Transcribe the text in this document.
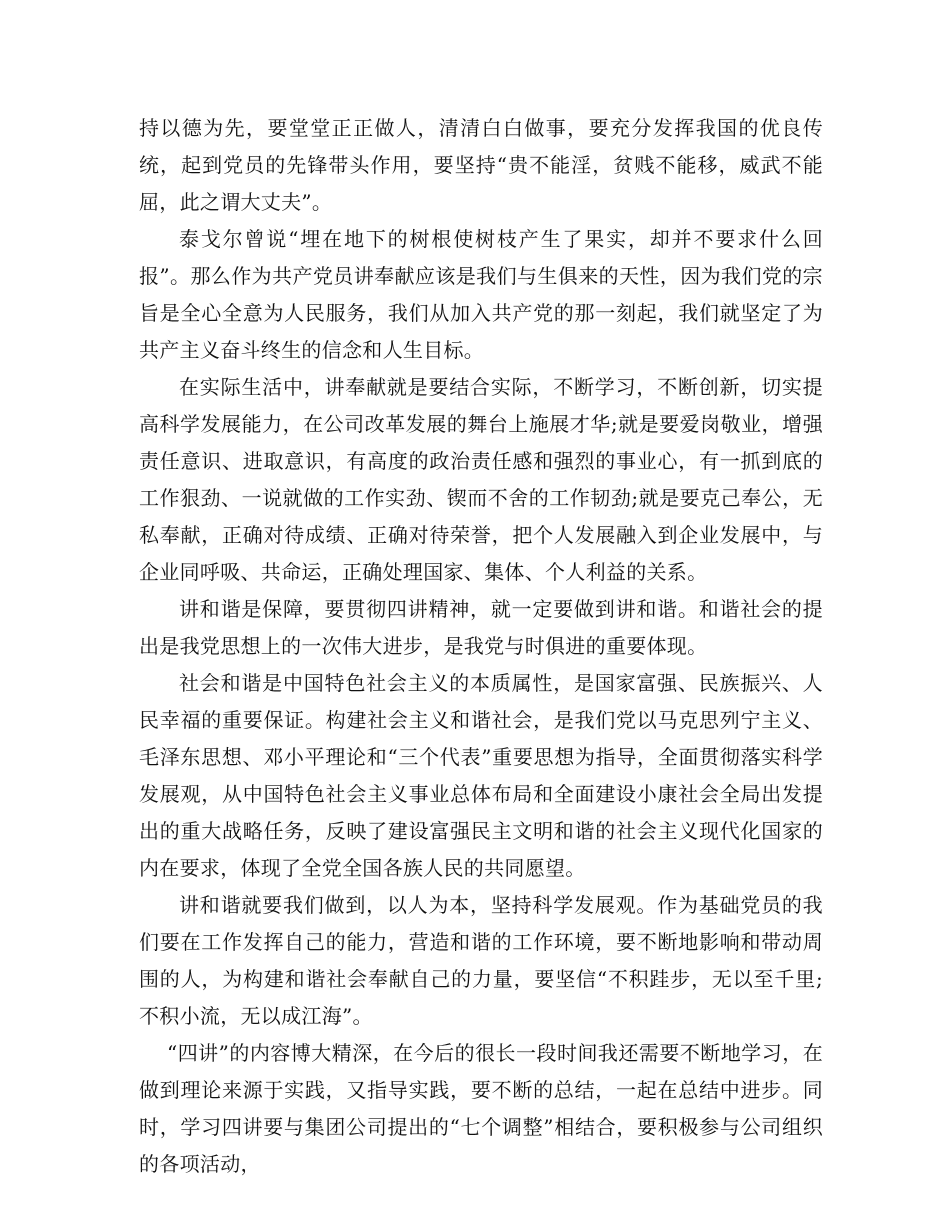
持以德为先，要堂堂正正做人，清清白白做事，要充分发挥我国的优良传统，起到党员的先锋带头作用，要坚持“贵不能淫，贫贱不能移，威武不能屈，此之谓大丈夫”。

泰戈尔曾说“埋在地下的树根使树枝产生了果实，却并不要求什么回报”。那么作为共产党员讲奉献应该是我们与生俱来的天性，因为我们党的宗旨是全心全意为人民服务，我们从加入共产党的那一刻起，我们就坚定了为共产主义奋斗终生的信念和人生目标。

在实际生活中，讲奉献就是要结合实际，不断学习，不断创新，切实提高科学发展能力，在公司改革发展的舞台上施展才华;就是要爱岗敬业，增强责任意识、进取意识，有高度的政治责任感和强烈的事业心，有一抓到底的工作狠劲、一说就做的工作实劲、锲而不舍的工作韧劲;就是要克己奉公，无私奉献，正确对待成绩、正确对待荣誉，把个人发展融入到企业发展中，与企业同呼吸、共命运，正确处理国家、集体、个人利益的关系。

讲和谐是保障，要贯彻四讲精神，就一定要做到讲和谐。和谐社会的提出是我党思想上的一次伟大进步，是我党与时俱进的重要体现。

社会和谐是中国特色社会主义的本质属性，是国家富强、民族振兴、人民幸福的重要保证。构建社会主义和谐社会，是我们党以马克思列宁主义、毛泽东思想、邓小平理论和“三个代表”重要思想为指导，全面贯彻落实科学发展观，从中国特色社会主义事业总体布局和全面建设小康社会全局出发提出的重大战略任务，反映了建设富强民主文明和谐的社会主义现代化国家的内在要求，体现了全党全国各族人民的共同愿望。

讲和谐就要我们做到，以人为本，坚持科学发展观。作为基础党员的我们要在工作发挥自己的能力，营造和谐的工作环境，要不断地影响和带动周围的人，为构建和谐社会奉献自己的力量，要坚信“不积跬步，无以至千里;不积小流，无以成江海”。

“四讲”的内容博大精深，在今后的很长一段时间我还需要不断地学习，在做到理论来源于实践，又指导实践，要不断的总结，一起在总结中进步。同时，学习四讲要与集团公司提出的“七个调整”相结合，要积极参与公司组织的各项活动，
